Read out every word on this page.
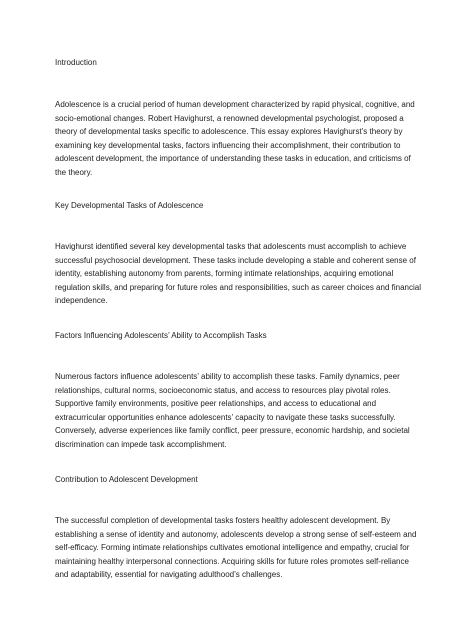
Introduction
Adolescence is a crucial period of human development characterized by rapid physical, cognitive, and
socio-emotional changes. Robert Havighurst, a renowned developmental psychologist, proposed a
theory of developmental tasks specific to adolescence. This essay explores Havighurst’s theory by
examining key developmental tasks, factors influencing their accomplishment, their contribution to
adolescent development, the importance of understanding these tasks in education, and criticisms of
the theory.
Key Developmental Tasks of Adolescence
Havighurst identified several key developmental tasks that adolescents must accomplish to achieve
successful psychosocial development. These tasks include developing a stable and coherent sense of
identity, establishing autonomy from parents, forming intimate relationships, acquiring emotional
regulation skills, and preparing for future roles and responsibilities, such as career choices and financial
independence.
Factors Influencing Adolescents’ Ability to Accomplish Tasks
Numerous factors influence adolescents’ ability to accomplish these tasks. Family dynamics, peer
relationships, cultural norms, socioeconomic status, and access to resources play pivotal roles.
Supportive family environments, positive peer relationships, and access to educational and
extracurricular opportunities enhance adolescents’ capacity to navigate these tasks successfully.
Conversely, adverse experiences like family conflict, peer pressure, economic hardship, and societal
discrimination can impede task accomplishment.
Contribution to Adolescent Development
The successful completion of developmental tasks fosters healthy adolescent development. By
establishing a sense of identity and autonomy, adolescents develop a strong sense of self-esteem and
self-efficacy. Forming intimate relationships cultivates emotional intelligence and empathy, crucial for
maintaining healthy interpersonal connections. Acquiring skills for future roles promotes self-reliance
and adaptability, essential for navigating adulthood’s challenges.
